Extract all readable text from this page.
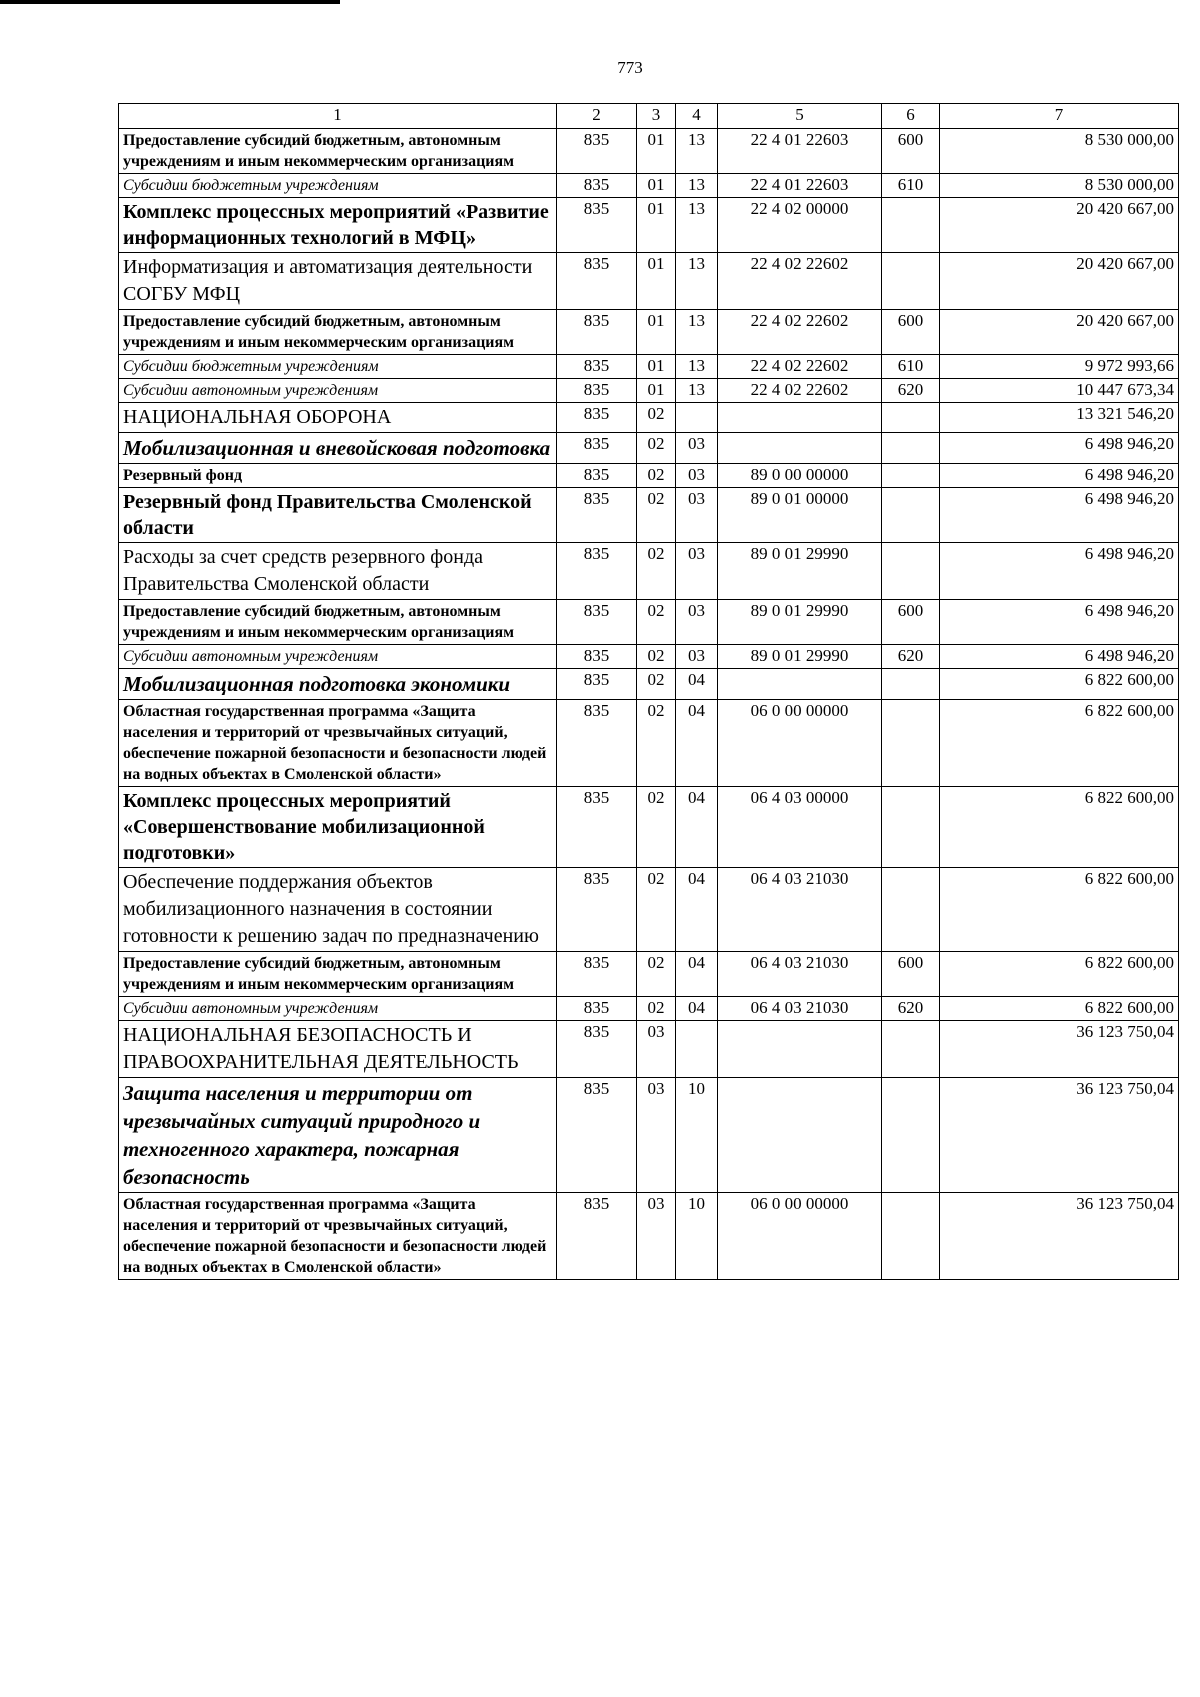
773
1	2	3	4	5	6	7
Предоставление субсидий бюджетным, автономным учреждениям и иным некоммерческим организациям	835	01	13	22 4 01 22603	600	8 530 000,00
Субсидии бюджетным учреждениям	835	01	13	22 4 01 22603	610	8 530 000,00
Комплекс процессных мероприятий «Развитие информационных технологий в МФЦ»	835	01	13	22 4 02 00000		20 420 667,00
Информатизация и автоматизация деятельности СОГБУ МФЦ	835	01	13	22 4 02 22602		20 420 667,00
Предоставление субсидий бюджетным, автономным учреждениям и иным некоммерческим организациям	835	01	13	22 4 02 22602	600	20 420 667,00
Субсидии бюджетным учреждениям	835	01	13	22 4 02 22602	610	9 972 993,66
Субсидии автономным учреждениям	835	01	13	22 4 02 22602	620	10 447 673,34
НАЦИОНАЛЬНАЯ ОБОРОНА	835	02				13 321 546,20
Мобилизационная и вневойсковая подготовка	835	02	03			6 498 946,20
Резервный фонд	835	02	03	89 0 00 00000		6 498 946,20
Резервный фонд Правительства Смоленской области	835	02	03	89 0 01 00000		6 498 946,20
Расходы за счет средств резервного фонда Правительства Смоленской области	835	02	03	89 0 01 29990		6 498 946,20
Предоставление субсидий бюджетным, автономным учреждениям и иным некоммерческим организациям	835	02	03	89 0 01 29990	600	6 498 946,20
Субсидии автономным учреждениям	835	02	03	89 0 01 29990	620	6 498 946,20
Мобилизационная подготовка экономики	835	02	04			6 822 600,00
Областная государственная программа «Защита населения и территорий от чрезвычайных ситуаций, обеспечение пожарной безопасности и безопасности людей на водных объектах в Смоленской области»	835	02	04	06 0 00 00000		6 822 600,00
Комплекс процессных мероприятий «Совершенствование мобилизационной подготовки»	835	02	04	06 4 03 00000		6 822 600,00
Обеспечение поддержания объектов мобилизационного назначения в состоянии готовности к решению задач по предназначению	835	02	04	06 4 03 21030		6 822 600,00
Предоставление субсидий бюджетным, автономным учреждениям и иным некоммерческим организациям	835	02	04	06 4 03 21030	600	6 822 600,00
Субсидии автономным учреждениям	835	02	04	06 4 03 21030	620	6 822 600,00
НАЦИОНАЛЬНАЯ БЕЗОПАСНОСТЬ И ПРАВООХРАНИТЕЛЬНАЯ ДЕЯТЕЛЬНОСТЬ	835	03				36 123 750,04
Защита населения и территории от чрезвычайных ситуаций природного и техногенного характера, пожарная безопасность	835	03	10			36 123 750,04
Областная государственная программа «Защита населения и территорий от чрезвычайных ситуаций, обеспечение пожарной безопасности и безопасности людей на водных объектах в Смоленской области»	835	03	10	06 0 00 00000		36 123 750,04
